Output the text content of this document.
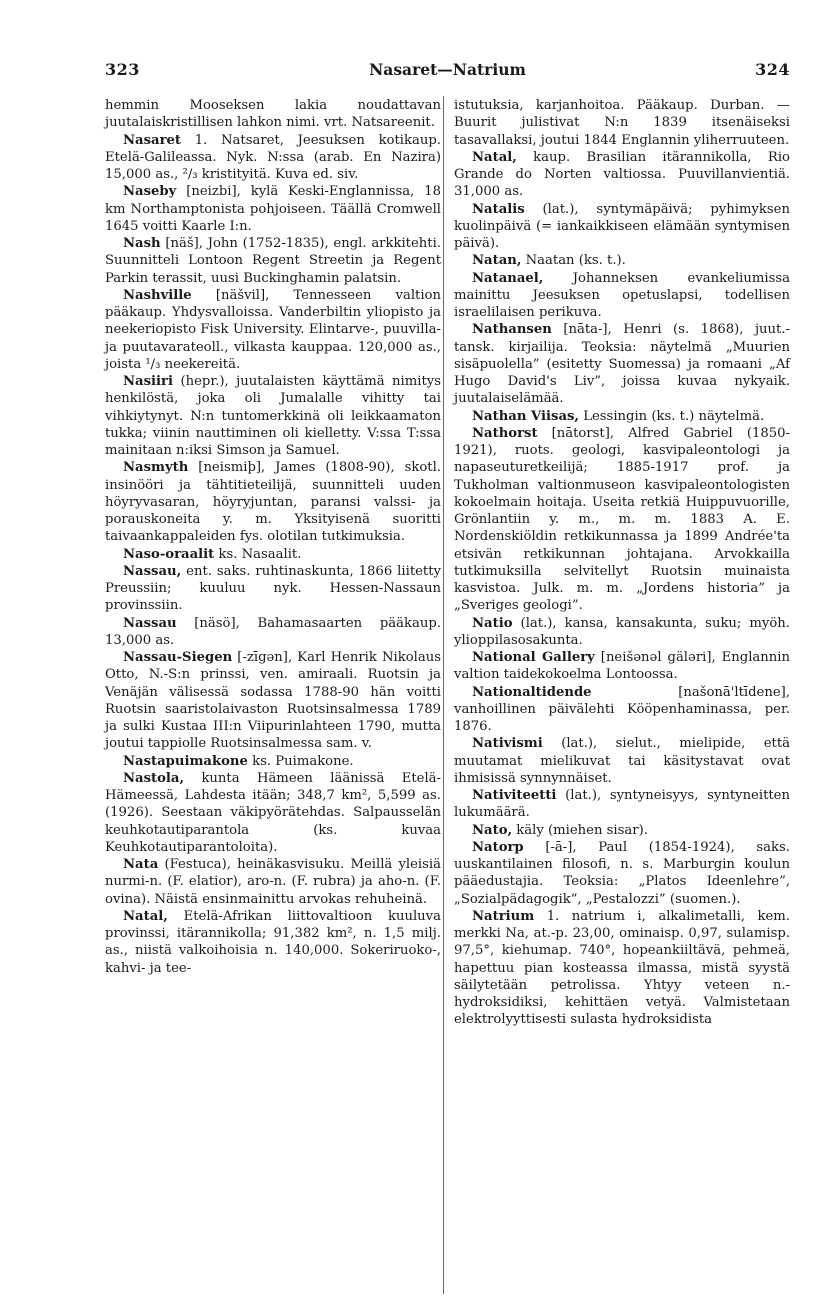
323	Nasaret—Natrium	324

hemmin Mooseksen lakia noudattavan juutalaiskristillisen lahkon nimi. vrt. Natsareenit.

Nasaret 1. Natsaret, Jeesuksen kotikaup. Etelä-Galileassa. Nyk. N:ssa (arab. En Nazira) 15,000 as., ²/₃ kristityitä. Kuva ed. siv.

Naseby [neizbi], kylä Keski-Englannissa, 18 km Northamptonista pohjoiseen. Täällä Cromwell 1645 voitti Kaarle I:n.

Nash [näš], John (1752-1835), engl. arkkitehti. Suunnitteli Lontoon Regent Streetin ja Regent Parkin terassit, uusi Buckinghamin palatsin.

Nashville [näšvil], Tennesseen valtion pääkaup. Yhdysvalloissa. Vanderbiltin yliopisto ja neekeriopisto Fisk University. Elintarve-, puuvilla- ja puutavarateoll., vilkasta kauppaa. 120,000 as., joista ¹/₃ neekereitä.

Nasiiri (hepr.), juutalaisten käyttämä nimitys henkilöstä, joka oli Jumalalle vihitty tai vihkiytynyt. N:n tuntomerkkinä oli leikkaamaton tukka; viinin nauttiminen oli kielletty. V:ssa T:ssa mainitaan n:iksi Simson ja Samuel.

Nasmyth [neismiþ], James (1808-90), skotl. insinööri ja tähtitieteilijä, suunnitteli uuden höyryvasaran, höyryjuntan, paransi valssi- ja porauskoneita y. m. Yksityisenä suoritti taivaankappaleiden fys. olotilan tutkimuksia.

Naso-oraalit ks. Nasaalit.

Nassau, ent. saks. ruhtinaskunta, 1866 liitetty Preussiin; kuuluu nyk. Hessen-Nassaun provinssiin.

Nassau [näsö], Bahamasaarten pääkaup. 13,000 as.

Nassau-Siegen [-zīgən], Karl Henrik Nikolaus Otto, N.-S:n prinssi, ven. amiraali. Ruotsin ja Venäjän välisessä sodassa 1788-90 hän voitti Ruotsin saaristolaivaston Ruotsinsalmessa 1789 ja sulki Kustaa III:n Viipurinlahteen 1790, mutta joutui tappiolle Ruotsinsalmessa sam. v.

Nastapuimakone ks. Puimakone.

Nastola, kunta Hämeen läänissä Etelä-Hämeessä, Lahdesta itään; 348,7 km², 5,599 as. (1926). Seestaan väkipyörätehdas. Salpausselän keuhkotautiparantola (ks. kuvaa Keuhkotautiparantoloita).

Nata (Festuca), heinäkasvisuku. Meillä yleisiä nurmi-n. (F. elatior), aro-n. (F. rubra) ja aho-n. (F. ovina). Näistä ensinmainittu arvokas rehuheinä.

Natal, Etelä-Afrikan liittovaltioon kuuluva provinssi, itärannikolla; 91,382 km², n. 1,5 milj. as., niistä valkoihoisia n. 140,000. Sokeriruoko-, kahvi- ja tee-

istutuksia, karjanhoitoa. Pääkaup. Durban. — Buurit julistivat N:n 1839 itsenäiseksi tasavallaksi, joutui 1844 Englannin yliherruuteen.

Natal, kaup. Brasilian itärannikolla, Rio Grande do Norten valtiossa. Puuvillanvientiä. 31,000 as.

Natalis (lat.), syntymäpäivä; pyhimyksen kuolinpäivä (= iankaikkiseen elämään syntymisen päivä).

Natan, Naatan (ks. t.).

Natanael, Johanneksen evankeliumissa mainittu Jeesuksen opetuslapsi, todellisen israelilaisen perikuva.

Nathansen [nāta-], Henri (s. 1868), juut.-tansk. kirjailija. Teoksia: näytelmä „Muurien sisäpuolella” (esitetty Suomessa) ja romaani „Af Hugo David's Liv”, joissa kuvaa nykyaik. juutalaiselämää.

Nathan Viisas, Lessingin (ks. t.) näytelmä.

Nathorst [nātorst], Alfred Gabriel (1850-1921), ruots. geologi, kasvipaleontologi ja napaseuturetkeilijä; 1885-1917 prof. ja Tukholman valtionmuseon kasvipaleontologisten kokoelmain hoitaja. Useita retkiä Huippuvuorille, Grönlantiin y. m., m. m. 1883 A. E. Nordenskiöldin retkikunnassa ja 1899 Andrée'ta etsivän retkikunnan johtajana. Arvokkailla tutkimuksilla selvitellyt Ruotsin muinaista kasvistoa. Julk. m. m. „Jordens historia” ja „Sveriges geologi”.

Natio (lat.), kansa, kansakunta, suku; myöh. ylioppilasosakunta.

National Gallery [neišənəl gäləri], Englannin valtion taidekokoelma Lontoossa.

Nationaltidende	[našonā'ltīdene], vanhoillinen päivälehti Kööpenhaminassa, per. 1876.

Nativismi (lat.), sielut., mielipide, että muutamat mielikuvat tai käsitystavat ovat ihmisissä synnynnäiset.

Nativiteetti (lat.), syntyneisyys, syntyneitten lukumäärä.

Nato, käly (miehen sisar).

Natorp [-ā-], Paul (1854-1924), saks. uuskantilainen filosofi, n. s. Marburgin koulun pääedustajia. Teoksia: „Platos Ideenlehre”, „Sozialpädagogik”, „Pestalozzi” (suomen.).

Natrium 1. natrium i, alkalimetalli, kem. merkki Na, at.-p. 23,00, ominaisp. 0,97, sulamisp. 97,5°, kiehumap. 740°, hopeankiiltävä, pehmeä, hapettuu pian kosteassa ilmassa, mistä syystä säilytetään petrolissa. Yhtyy veteen n.-hydroksidiksi, kehittäen vetyä. Valmistetaan elektrolyyttisesti sulasta hydroksidista
